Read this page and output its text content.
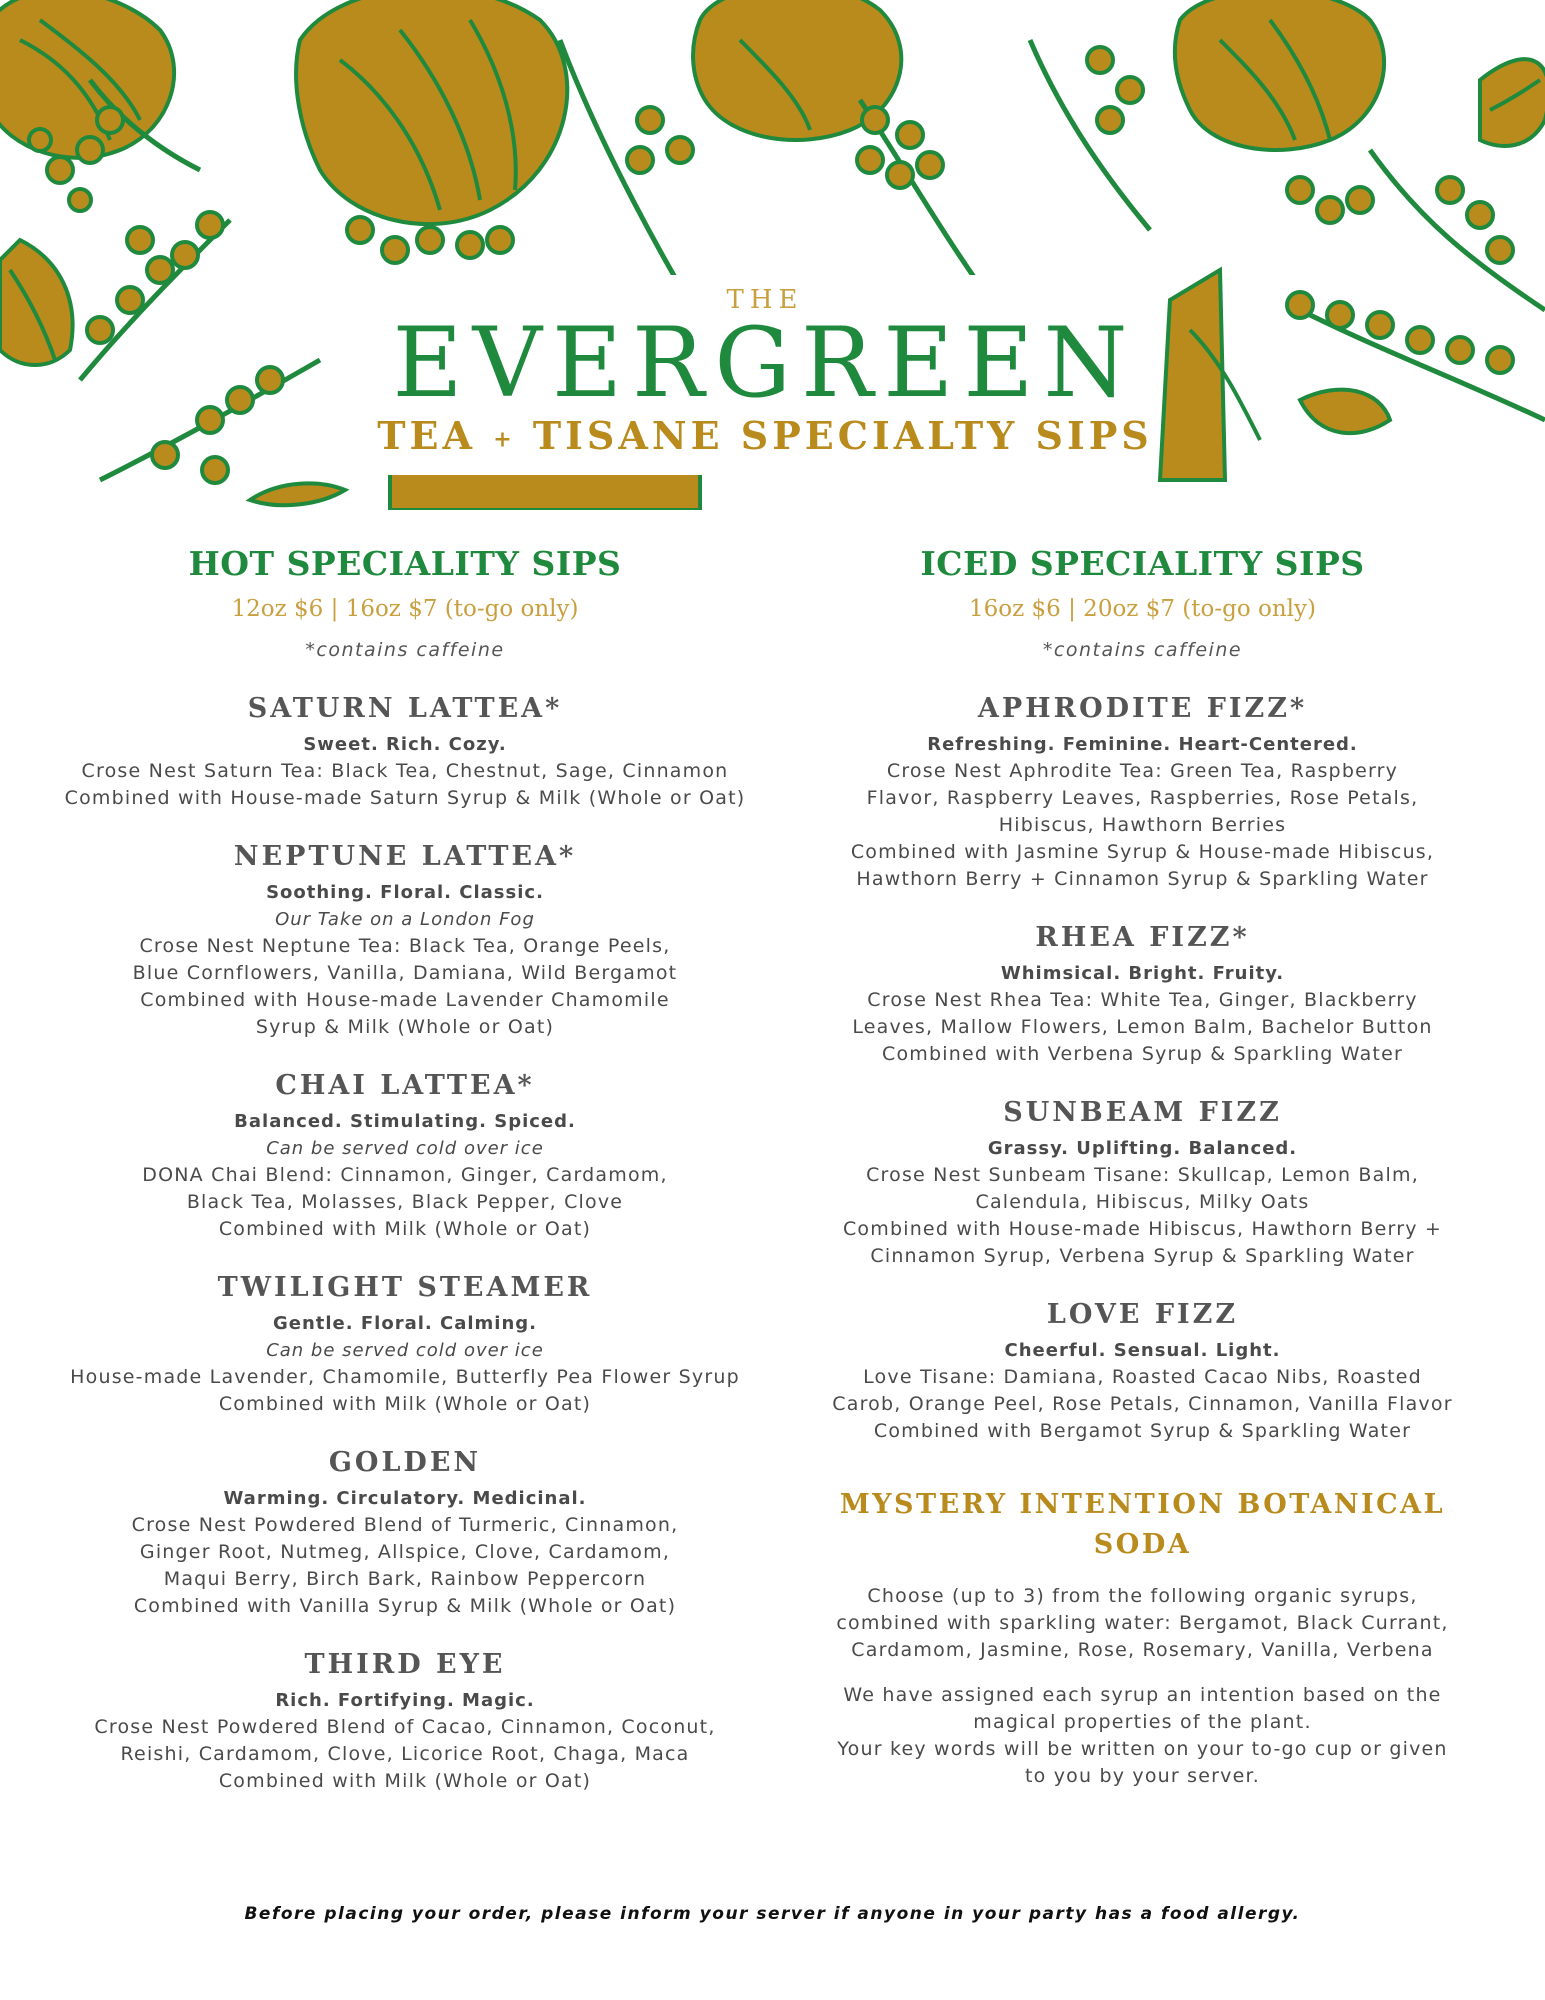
THE
EVERGREEN
TEA + TISANE SPECIALTY SIPS
HOT SPECIALITY SIPS

12oz $6 | 16oz $7 (to-go only)

*contains caffeine

SATURN LATTEA*

Sweet. Rich. Cozy.

Crose Nest Saturn Tea: Black Tea, Chestnut, Sage, Cinnamon

Combined with House-made Saturn Syrup & Milk (Whole or Oat)

NEPTUNE LATTEA*

Soothing. Floral. Classic.

Our Take on a London Fog

Crose Nest Neptune Tea: Black Tea, Orange Peels,

Blue Cornflowers, Vanilla, Damiana, Wild Bergamot

Combined with House-made Lavender Chamomile

Syrup & Milk (Whole or Oat)

CHAI LATTEA*

Balanced. Stimulating. Spiced.

Can be served cold over ice

DONA Chai Blend: Cinnamon, Ginger, Cardamom,

Black Tea, Molasses, Black Pepper, Clove

Combined with Milk (Whole or Oat)

TWILIGHT STEAMER

Gentle. Floral. Calming.

Can be served cold over ice

House-made Lavender, Chamomile, Butterfly Pea Flower Syrup

Combined with Milk (Whole or Oat)

GOLDEN

Warming. Circulatory. Medicinal.

Crose Nest Powdered Blend of Turmeric, Cinnamon,

Ginger Root, Nutmeg, Allspice, Clove, Cardamom,

Maqui Berry, Birch Bark, Rainbow Peppercorn

Combined with Vanilla Syrup & Milk (Whole or Oat)

THIRD EYE

Rich. Fortifying. Magic.

Crose Nest Powdered Blend of Cacao, Cinnamon, Coconut,

Reishi, Cardamom, Clove, Licorice Root, Chaga, Maca

Combined with Milk (Whole or Oat)

ICED SPECIALITY SIPS

16oz $6 | 20oz $7 (to-go only)

*contains caffeine

APHRODITE FIZZ*

Refreshing. Feminine. Heart-Centered.

Crose Nest Aphrodite Tea: Green Tea, Raspberry

Flavor, Raspberry Leaves, Raspberries, Rose Petals,

Hibiscus, Hawthorn Berries

Combined with Jasmine Syrup & House-made Hibiscus,

Hawthorn Berry + Cinnamon Syrup & Sparkling Water

RHEA FIZZ*

Whimsical. Bright. Fruity.

Crose Nest Rhea Tea: White Tea, Ginger, Blackberry

Leaves, Mallow Flowers, Lemon Balm, Bachelor Button

Combined with Verbena Syrup & Sparkling Water

SUNBEAM FIZZ

Grassy. Uplifting. Balanced.

Crose Nest Sunbeam Tisane: Skullcap, Lemon Balm,

Calendula, Hibiscus, Milky Oats

Combined with House-made Hibiscus, Hawthorn Berry +

Cinnamon Syrup, Verbena Syrup & Sparkling Water

LOVE FIZZ

Cheerful. Sensual. Light.

Love Tisane: Damiana, Roasted Cacao Nibs, Roasted

Carob, Orange Peel, Rose Petals, Cinnamon, Vanilla Flavor

Combined with Bergamot Syrup & Sparkling Water

MYSTERY INTENTION BOTANICAL SODA

Choose (up to 3) from the following organic syrups,

combined with sparkling water: Bergamot, Black Currant,

Cardamom, Jasmine, Rose, Rosemary, Vanilla, Verbena

We have assigned each syrup an intention based on the

magical properties of the plant.

Your key words will be written on your to-go cup or given

to you by your server.

Before placing your order, please inform your server if anyone in your party has a food allergy.
